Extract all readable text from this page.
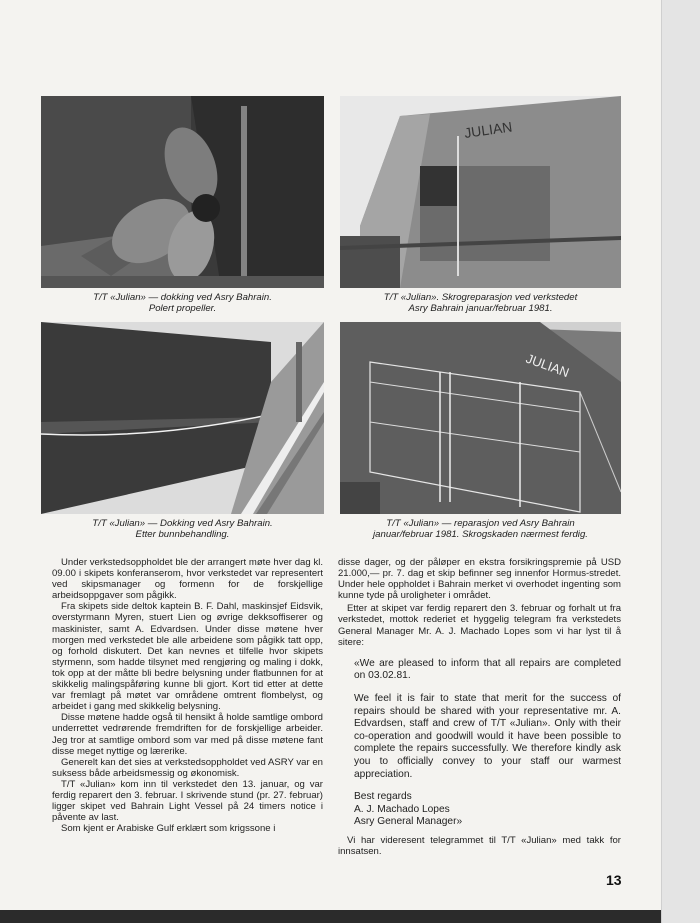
T/T «Julian» — dokking ved Asry Bahrain.
Polert propeller.
JULIAN
T/T «Julian». Skrogreparasjon ved verkstedet
Asry Bahrain januar/februar 1981.
T/T «Julian» — Dokking ved Asry Bahrain.
Etter bunnbehandling.
JULIAN
T/T «Julian» — reparasjon ved Asry Bahrain
januar/februar 1981. Skrogskaden nærmest ferdig.

Under verkstedsoppholdet ble der arrangert møte hver dag kl. 09.00 i skipets konferanserom, hvor verkstedet var representert ved skipsmanager og formenn for de forskjellige arbeidsoppgaver som pågikk.

Fra skipets side deltok kaptein B. F. Dahl, maskinsjef Eidsvik, overstyrmann Myren, stuert Lien og øvrige dekksoffiserer og maskinister, samt A. Edvardsen. Under disse møtene hver morgen med verkstedet ble alle arbeidene som pågikk tatt opp, og forhold diskutert. Det kan nevnes et tilfelle hvor skipets styrmenn, som hadde tilsynet med rengjøring og maling i dokk, tok opp at der måtte bli bedre belysning under flatbunnen for at skikkelig malingspåføring kunne bli gjort. Kort tid etter at dette var fremlagt på møtet var områdene omtrent flombelyst, og arbeidet i gang med skikkelig belysning.

Disse møtene hadde også til hensikt å holde samtlige ombord underrettet vedrørende fremdriften for de forskjellige arbeider. Jeg tror at samtlige ombord som var med på disse møtene fant disse meget nyttige og lærerike.

Generelt kan det sies at verkstedsoppholdet ved ASRY var en suksess både arbeidsmessig og økonomisk.

T/T «Julian» kom inn til verkstedet den 13. januar, og var ferdig reparert den 3. februar. I skrivende stund (pr. 27. februar) ligger skipet ved Bahrain Light Vessel på 24 timers notice i påvente av last.

Som kjent er Arabiske Gulf erklært som krigssone i

disse dager, og der påløper en ekstra forsikringspremie på USD 21.000,— pr. 7. dag et skip befinner seg innenfor Hormus-stredet. Under hele oppholdet i Bahrain merket vi overhodet ingenting som kunne tyde på uroligheter i området.

Etter at skipet var ferdig reparert den 3. februar og forhalt ut fra verkstedet, mottok rederiet et hyggelig telegram fra verkstedets General Manager Mr. A. J. Machado Lopes som vi har lyst til å sitere:

«We are pleased to inform that all repairs are completed on 03.02.81.

We feel it is fair to state that merit for the success of repairs should be shared with your representative mr. A. Edvardsen, staff and crew of T/T «Julian». Only with their co-operation and goodwill would it have been possible to complete the repairs successfully. We therefore kindly ask you to officially convey to your staff our warmest appreciation.

Best regards

A. J. Machado Lopes

Asry General Manager»

Vi har videresent telegrammet til T/T «Julian» med takk for innsatsen.

13
